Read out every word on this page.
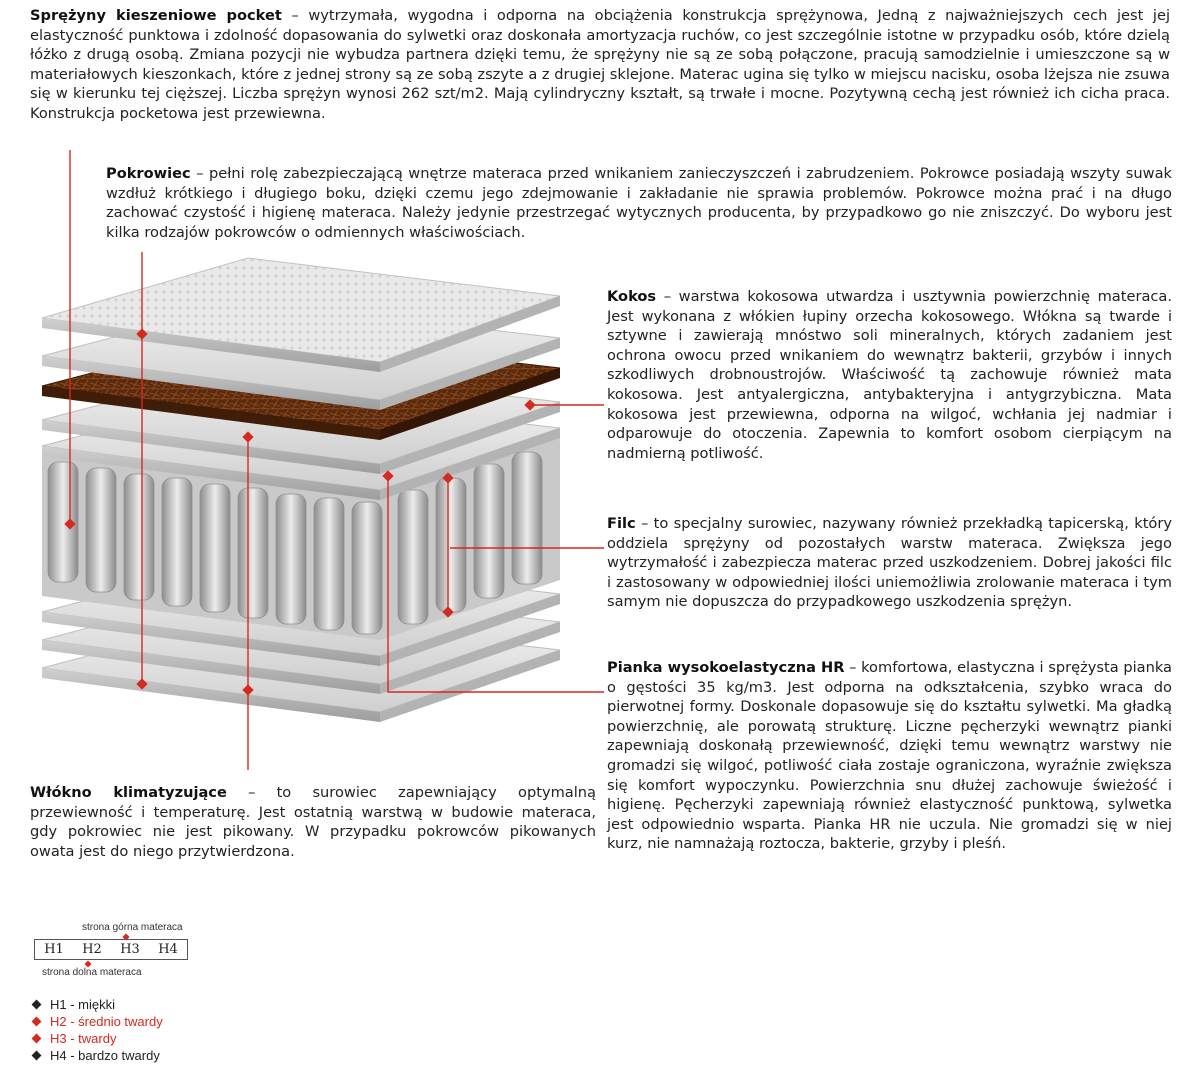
Sprężyny kieszeniowe pocket – wytrzymała, wygodna i odporna na obciążenia konstrukcja sprężynowa, Jedną z najważniejszych cech jest jej elastyczność punktowa i zdolność dopasowania do sylwetki oraz doskonała amortyzacja ruchów, co jest szczególnie istotne w przypadku osób, które dzielą łóżko z drugą osobą. Zmiana pozycji nie wybudza partnera dzięki temu, że sprężyny nie są ze sobą połączone, pracują samodzielnie i umieszczone są w materiałowych kieszonkach, które z jednej strony są ze sobą zszyte a z drugiej sklejone. Materac ugina się tylko w miejscu nacisku, osoba lżejsza nie zsuwa się w kierunku tej cięższej. Liczba sprężyn wynosi 262 szt/m2. Mają cylindryczny kształt, są trwałe i mocne. Pozytywną cechą jest również ich cicha praca. Konstrukcja pocketowa jest przewiewna.
Pokrowiec – pełni rolę zabezpieczającą wnętrze materaca przed wnikaniem zanieczyszczeń i zabrudzeniem. Pokrowce posiadają wszyty suwak wzdłuż krótkiego i długiego boku, dzięki czemu jego zdejmowanie i zakładanie nie sprawia problemów. Pokrowce można prać i na długo zachować czystość i higienę materaca. Należy jedynie przestrzegać wytycznych producenta, by przypadkowo go nie zniszczyć. Do wyboru jest kilka rodzajów pokrowców o odmiennych właściwościach.
Kokos – warstwa kokosowa utwardza i usztywnia powierzchnię materaca. Jest wykonana z włókien łupiny orzecha kokosowego. Włókna są twarde i sztywne i zawierają mnóstwo soli mineralnych, których zadaniem jest ochrona owocu przed wnikaniem do wewnątrz bakterii, grzybów i innych szkodliwych drobnoustrojów. Właściwość tą zachowuje również mata kokosowa. Jest antyalergiczna, antybakteryjna i antygrzybiczna. Mata kokosowa jest przewiewna, odporna na wilgoć, wchłania jej nadmiar i odparowuje do otoczenia. Zapewnia to komfort osobom cierpiącym na nadmierną potliwość.
Filc – to specjalny surowiec, nazywany również przekładką tapicerską, który oddziela sprężyny od pozostałych warstw materaca. Zwiększa jego wytrzymałość i zabezpiecza materac przed uszkodzeniem. Dobrej jakości filc i zastosowany w odpowiedniej ilości uniemożliwia zrolowanie materaca i tym samym nie dopuszcza do przypadkowego uszkodzenia sprężyn.
Pianka wysokoelastyczna HR – komfortowa, elastyczna i sprężysta pianka o gęstości 35 kg/m3. Jest odporna na odkształcenia, szybko wraca do pierwotnej formy. Doskonale dopasowuje się do kształtu sylwetki. Ma gładką powierzchnię, ale porowatą strukturę. Liczne pęcherzyki wewnątrz pianki zapewniają doskonałą przewiewność, dzięki temu wewnątrz warstwy nie gromadzi się wilgoć, potliwość ciała zostaje ograniczona, wyraźnie zwiększa się komfort wypoczynku. Powierzchnia snu dłużej zachowuje świeżość i higienę. Pęcherzyki zapewniają również elastyczność punktową, sylwetka jest odpowiednio wsparta. Pianka HR nie uczula. Nie gromadzi się w niej kurz, nie namnażają roztocza, bakterie, grzyby i pleśń.
Włókno klimatyzujące – to surowiec zapewniający optymalną przewiewność i temperaturę. Jest ostatnią warstwą w budowie materaca, gdy pokrowiec nie jest pikowany. W przypadku pokrowców pikowanych owata jest do niego przytwierdzona.
strona górna materaca
H1	H2	H3	H4
strona dolna materaca
H1 - miękki
H2 - średnio twardy
H3 - twardy
H4 - bardzo twardy
